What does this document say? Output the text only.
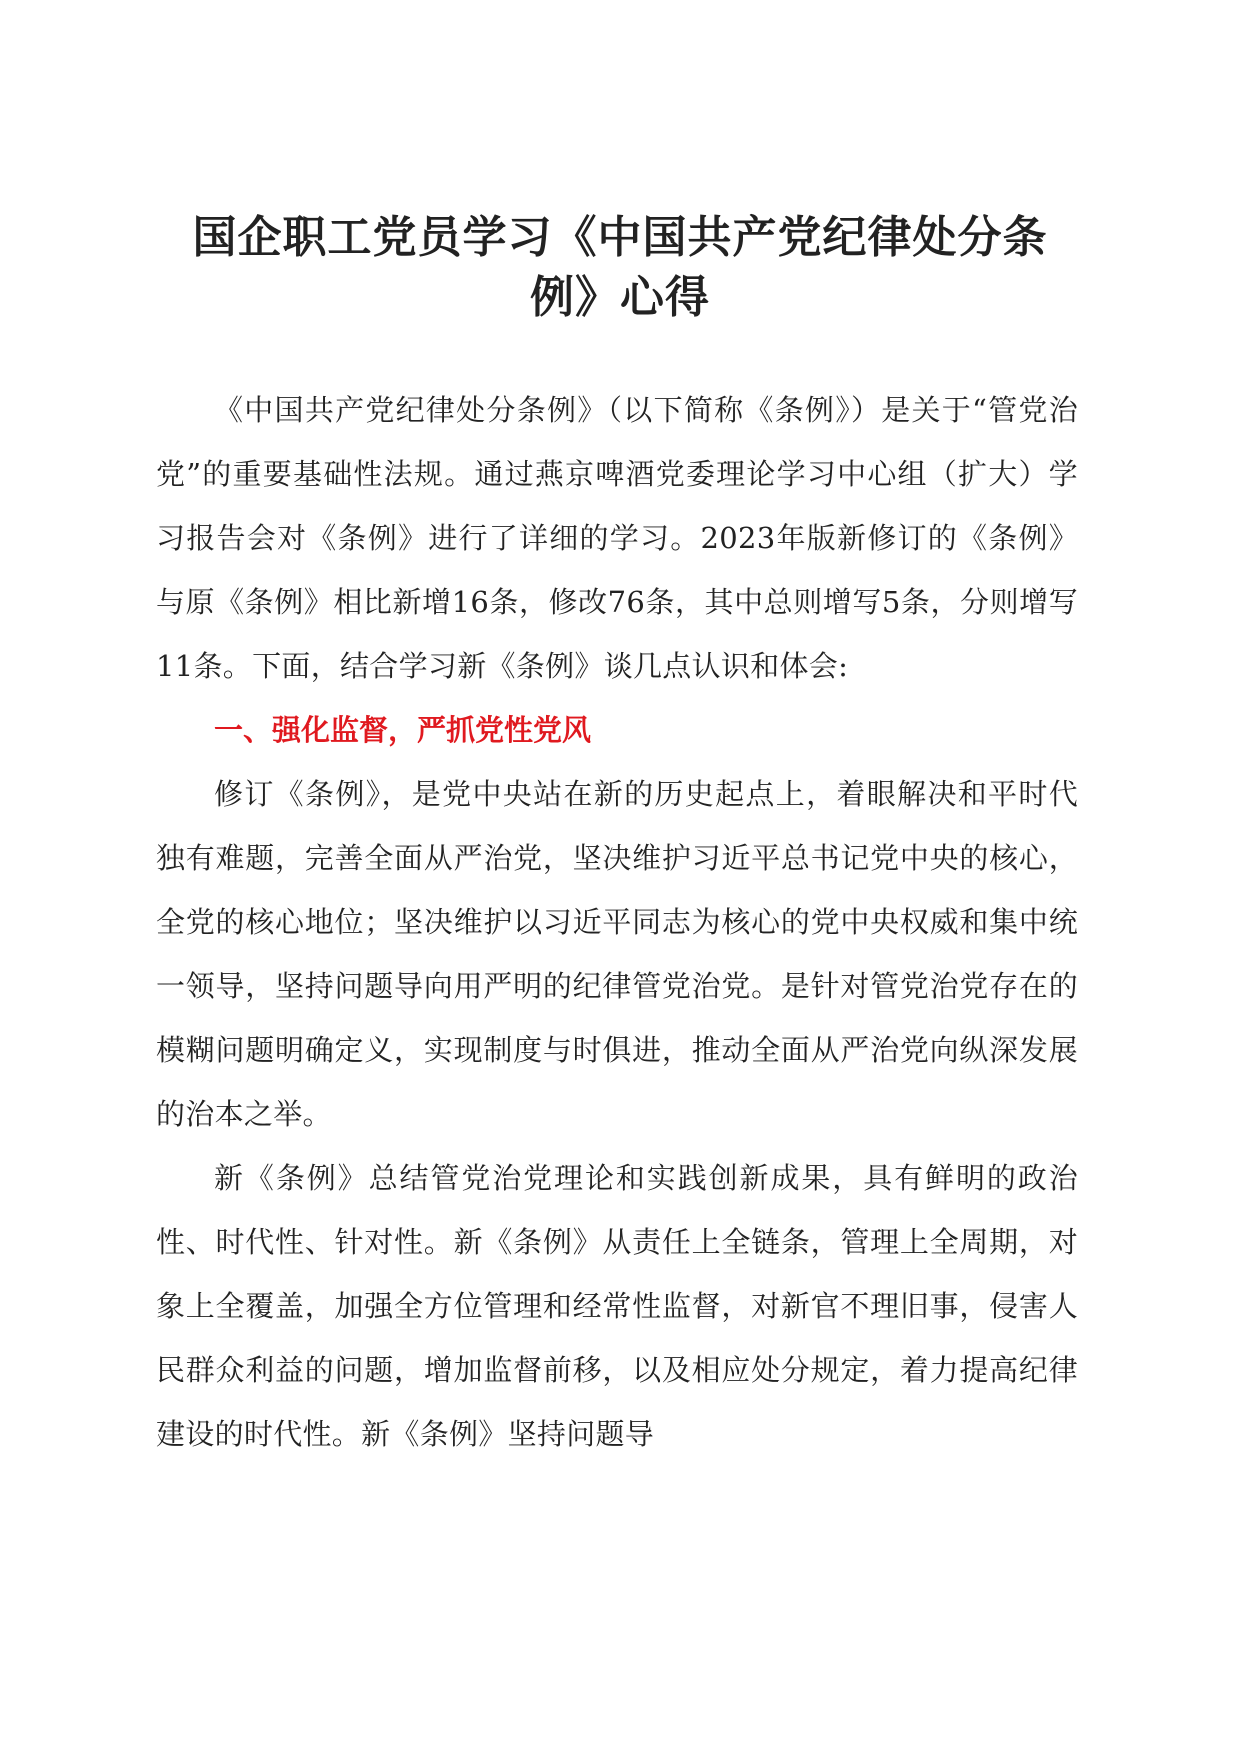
国企职工党员学习《中国共产党纪律处分条
例》心得

《中国共产党纪律处分条例》（以下简称《条例》）是关于“管党治党”的重要基础性法规。通过燕京啤酒党委理论学习中心组（扩大）学习报告会对《条例》进行了详细的学习。2023年版新修订的《条例》与原《条例》相比新增16条，修改76条，其中总则增写5条，分则增写11条。下面，结合学习新《条例》谈几点认识和体会:

一、强化监督，严抓党性党风

修订《条例》，是党中央站在新的历史起点上，着眼解决和平时代独有难题，完善全面从严治党，坚决维护习近平总书记党中央的核心，全党的核心地位；坚决维护以习近平同志为核心的党中央权威和集中统一领导，坚持问题导向用严明的纪律管党治党。是针对管党治党存在的模糊问题明确定义，实现制度与时俱进，推动全面从严治党向纵深发展的治本之举。

新《条例》总结管党治党理论和实践创新成果，具有鲜明的政治性、时代性、针对性。新《条例》从责任上全链条，管理上全周期，对象上全覆盖，加强全方位管理和经常性监督，对新官不理旧事，侵害人民群众利益的问题，增加监督前移，以及相应处分规定，着力提高纪律建设的时代性。新《条例》坚持问题导
